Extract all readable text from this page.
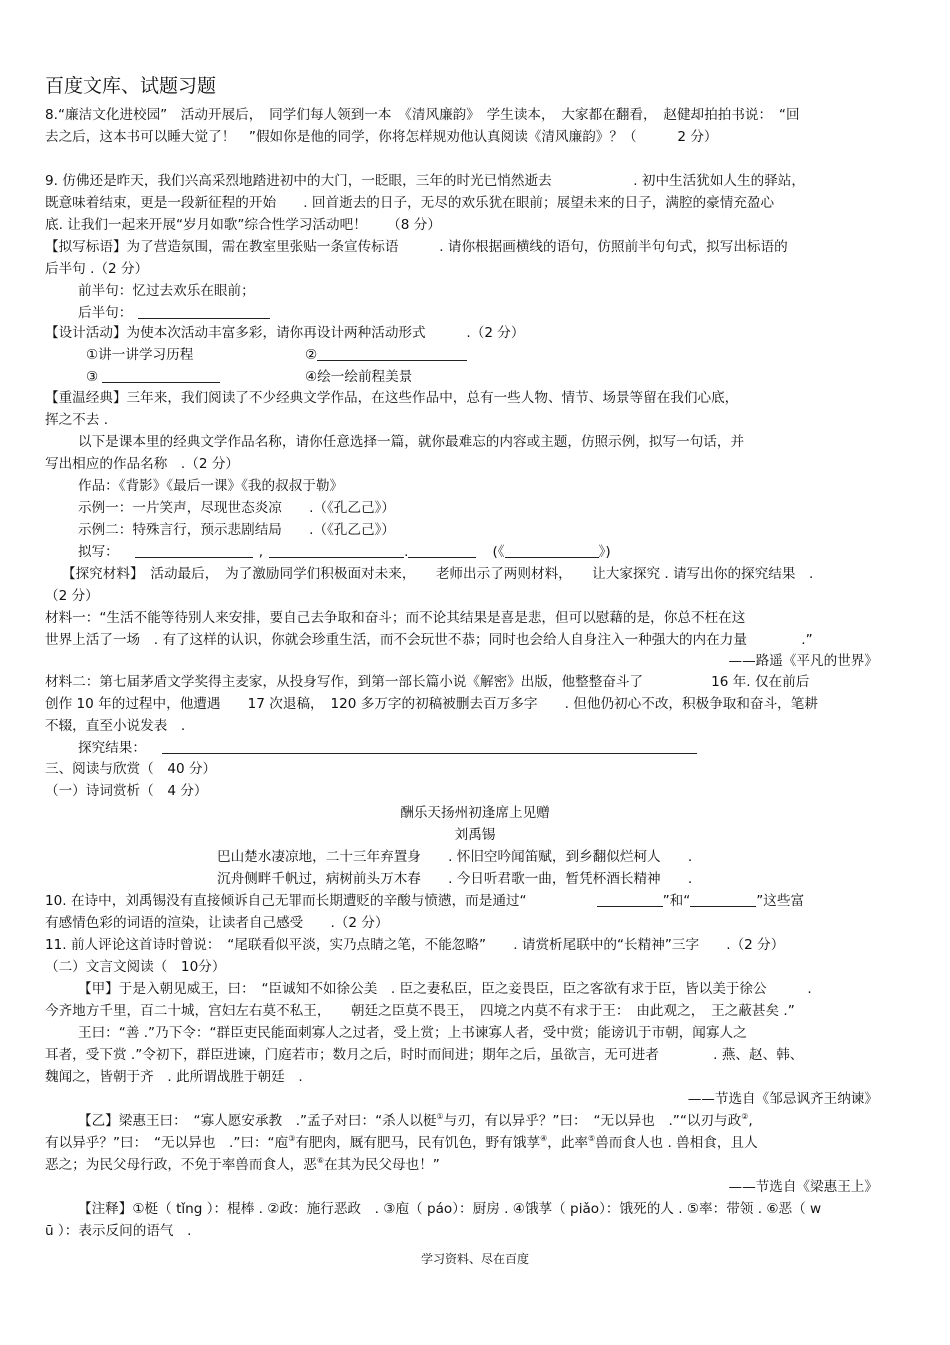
百度文库、试题习题
8.“廉洁文化进校园”　活动开展后，　同学们每人领到一本　《清风廉韵》　学生读本，　大家都在翻看，　赵健却拍拍书说：　“回
去之后，这本书可以睡大觉了！　”假如你是他的同学，你将怎样规劝他认真阅读《清风廉韵》？（　　　2 分）
9. 仿佛还是昨天，我们兴高采烈地踏进初中的大门，一眨眼，三年的时光已悄然逝去　　　　　　. 初中生活犹如人生的驿站，
既意味着结束，更是一段新征程的开始　　. 回首逝去的日子，无尽的欢乐犹在眼前；展望未来的日子，满腔的豪情充盈心
底. 让我们一起来开展“岁月如歌”综合性学习活动吧！　　（8 分）
【拟写标语】为了营造氛围，需在教室里张贴一条宣传标语　　　. 请你根据画横线的语句，仿照前半句句式，拟写出标语的
后半句 .（2 分）
前半句：忆过去欢乐在眼前；
后半句：
【设计活动】为使本次活动丰富多彩，请你再设计两种活动形式　　　.（2 分）
①讲一讲学习历程	②
③	④绘一绘前程美景
【重温经典】三年来，我们阅读了不少经典文学作品，在这些作品中，总有一些人物、情节、场景等留在我们心底，
挥之不去 .
以下是课本里的经典文学作品名称，请你任意选择一篇，就你最难忘的内容或主题，仿照示例，拟写一句话，并
写出相应的作品名称　.（2 分）
作品：《背影》《最后一课》《我的叔叔于勒》
示例一：一片笑声，尽现世态炎凉　　.（《孔乙己》）
示例二：特殊言行，预示悲剧结局　　.（《孔乙己》）
拟写：	,	.	(《	》)
【探究材料】　活动最后，　为了激励同学们积极面对未来，　　老师出示了两则材料，　　让大家探究 . 请写出你的探究结果　.
（2 分）
材料一：“生活不能等待别人来安排，要自己去争取和奋斗；而不论其结果是喜是悲，但可以慰藉的是，你总不枉在这
世界上活了一场　. 有了这样的认识，你就会珍重生活，而不会玩世不恭；同时也会给人自身注入一种强大的内在力量　　　　.”
——路遥《平凡的世界》
材料二：第七届茅盾文学奖得主麦家，从投身写作，到第一部长篇小说《解密》出版，他整整奋斗了　　　　　16 年. 仅在前后
创作 10 年的过程中，他遭遇　　17 次退稿，　120 多万字的初稿被删去百万多字　　. 但他仍初心不改，积极争取和奋斗，笔耕
不辍，直至小说发表　.
探究结果：
三、阅读与欣赏（　40 分）
（一）诗词赏析（　4 分）
酬乐天扬州初逢席上见赠
刘禹锡
巴山楚水凄凉地，二十三年弃置身　　. 怀旧空吟闻笛赋，到乡翻似烂柯人　　.
沉舟侧畔千帆过，病树前头万木春　　. 今日听君歌一曲，暂凭杯酒长精神　　.
10. 在诗中，刘禹锡没有直接倾诉自己无罪而长期遭贬的辛酸与愤懑，而是通过“	”和“	”这些富
有感情色彩的词语的渲染，让读者自己感受　　.（2 分）
11. 前人评论这首诗时曾说：　“尾联看似平淡，实乃点睛之笔，不能忽略”　　. 请赏析尾联中的“长精神”三字　　.（2 分）
（二）文言文阅读（　10分）
【甲】于是入朝见威王，曰：　“臣诚知不如徐公美　. 臣之妻私臣，臣之妾畏臣，臣之客欲有求于臣，皆以美于徐公　　　.
今齐地方千里，百二十城，宫妇左右莫不私王，　　朝廷之臣莫不畏王，　四境之内莫不有求于王：　由此观之，　王之蔽甚矣 .”
王曰：“善 .”乃下令：“群臣吏民能面刺寡人之过者，受上赏；上书谏寡人者，受中赏；能谤讥于市朝，闻寡人之
耳者，受下赏 .”令初下，群臣进谏，门庭若市；数月之后，时时而间进；期年之后，虽欲言，无可进者　　　　. 燕、赵、韩、
魏闻之，皆朝于齐　. 此所谓战胜于朝廷　.
——节选自《邹忌讽齐王纳谏》
【乙】梁惠王曰：　“寡人愿安承教　.”孟子对曰：“杀人以梃①与刃，有以异乎？”曰：　“无以异也　.”“以刃与政②,
有以异乎？”曰：　“无以异也　.”曰：“庖③有肥肉，厩有肥马，民有饥色，野有饿莩④，此率⑤兽而食人也 . 兽相食，且人
恶之；为民父母行政，不免于率兽而食人，恶⑥在其为民父母也！”
——节选自《梁惠王上》
【注释】①梃（ tǐng ）：棍棒 . ②政：施行恶政　. ③庖（ páo）：厨房 . ④饿莩（ piǎo）：饿死的人 . ⑤率：带领 . ⑥恶（ w
ū ）：表示反问的语气　.
学习资料、尽在百度
